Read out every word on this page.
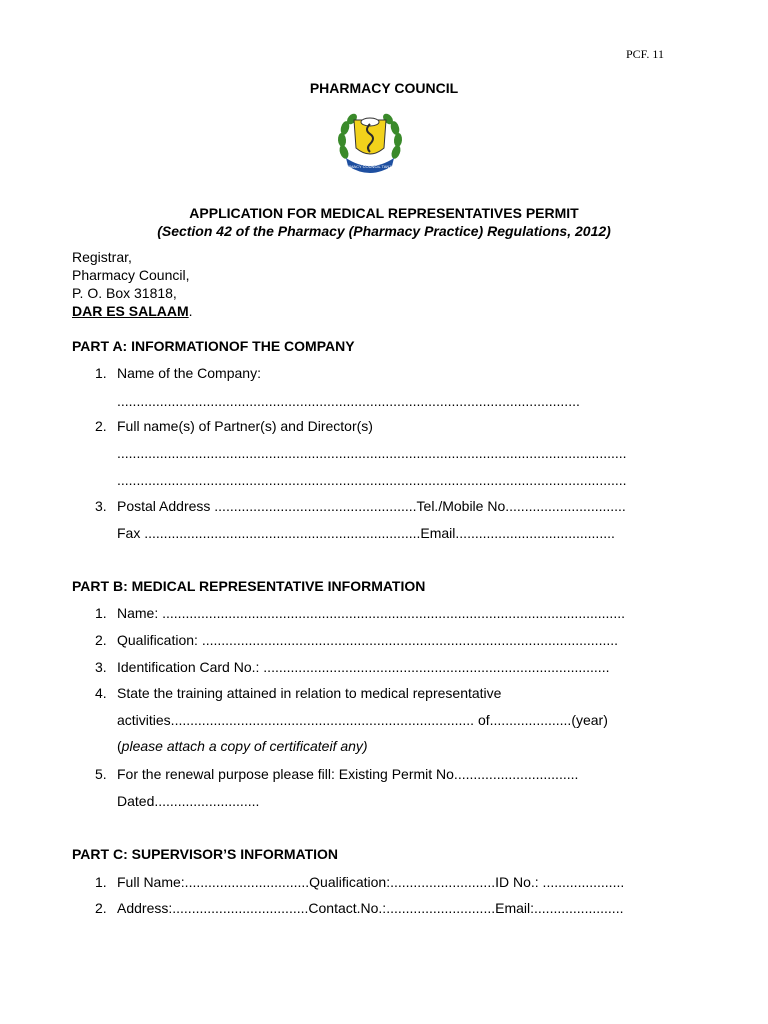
PCF. 11
PHARMACY COUNCIL
PHARMACY COUNCIL TANZANIA
APPLICATION FOR MEDICAL REPRESENTATIVES PERMIT
(Section 42 of the Pharmacy (Pharmacy Practice) Regulations, 2012)
Registrar,
Pharmacy Council,
P. O. Box 31818,
DAR ES SALAAM.
PART A: INFORMATIONOF THE COMPANY
1. Name of the Company:
.......................................................................................................................
2. Full name(s) of Partner(s) and Director(s)
...................................................................................................................................
...................................................................................................................................
3. Postal Address ....................................................Tel./Mobile No...............................
Fax .......................................................................Email.........................................
PART B: MEDICAL REPRESENTATIVE INFORMATION
1. Name: .......................................................................................................................
2. Qualification: ...........................................................................................................
3. Identification Card No.: .........................................................................................
4. State the training attained in relation to medical representative
activities.............................................................................. of.....................(year)
(please attach a copy of certificateif any)
5. For the renewal purpose please fill: Existing Permit No................................
Dated...........................
PART C: SUPERVISOR’S INFORMATION
1. Full Name:................................Qualification:...........................ID No.: .....................
2. Address:...................................Contact.No.:............................Email:.......................
